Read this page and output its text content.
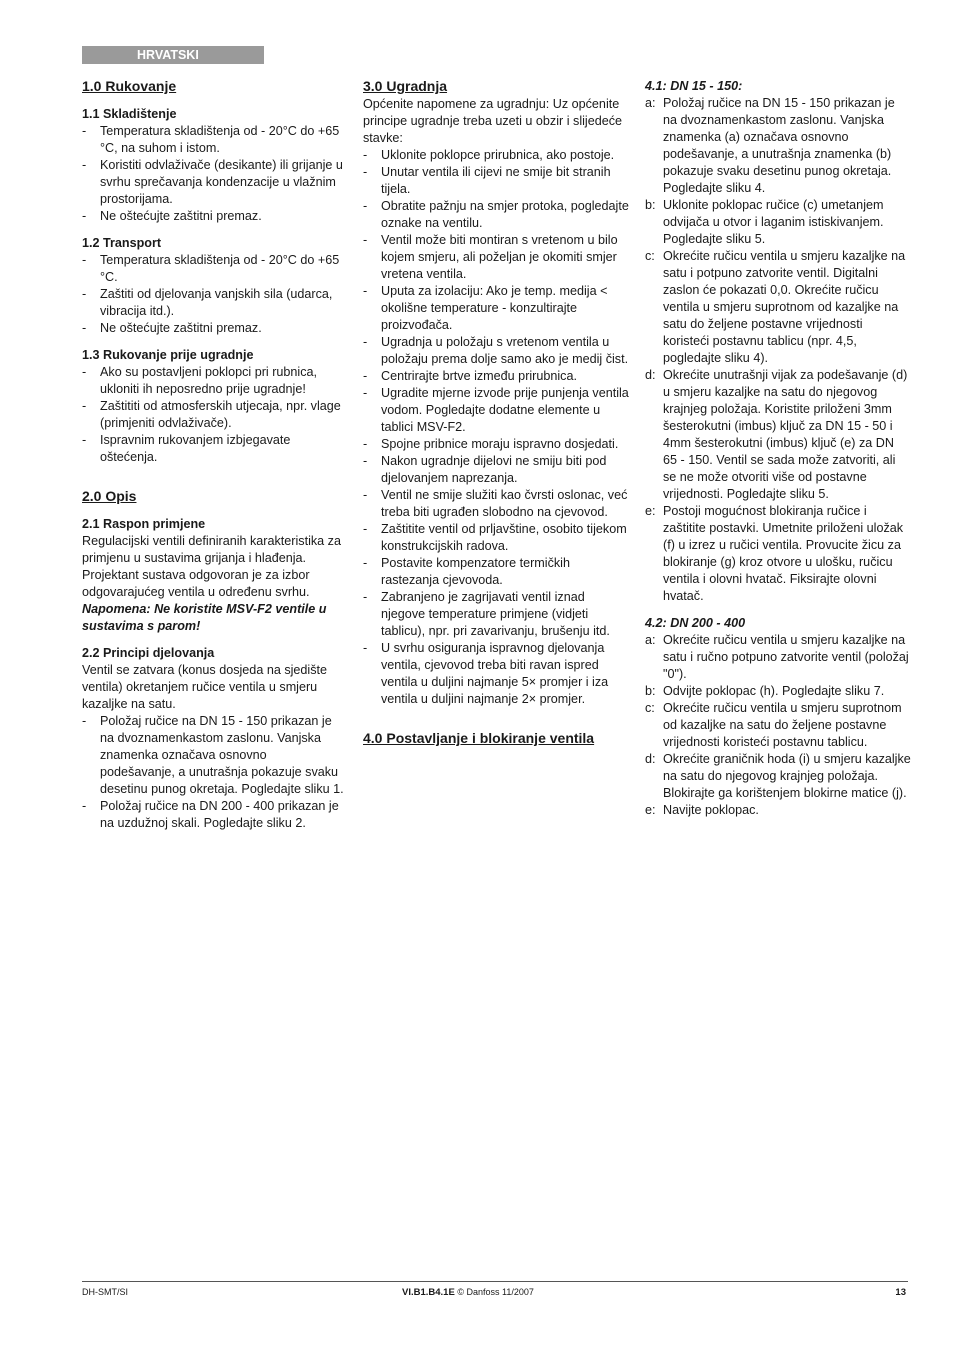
HRVATSKI
1.0 Rukovanje
1.1 Skladištenje
- Temperatura skladištenja od - 20°C do +65 °C, na suhom i istom.
- Koristiti odvlaživače (desikante) ili grijanje u svrhu sprečavanja kondenzacije u vlažnim prostorijama.
- Ne oštećujte zaštitni premaz.
1.2 Transport
- Temperatura skladištenja od - 20°C do +65 °C.
- Zaštiti od djelovanja vanjskih sila (udarca, vibracija itd.).
- Ne oštećujte zaštitni premaz.
1.3 Rukovanje prije ugradnje
- Ako su postavljeni poklopci pri rubnica, ukloniti ih neposredno prije ugradnje!
- Zaštititi od atmosferskih utjecaja, npr. vlage (primjeniti odvlaživače).
- Ispravnim rukovanjem izbjegavate oštećenja.
2.0 Opis
2.1 Raspon primjene

Regulacijski ventili definiranih karakteristika za primjenu u sustavima grijanja i hlađenja. Projektant sustava odgovoran je za izbor odgovarajućeg ventila u određenu svrhu.

Napomena: Ne koristite MSV-F2 ventile u sustavima s parom!

2.2 Principi djelovanja

Ventil se zatvara (konus dosjeda na sjedište ventila) okretanjem ručice ventila u smjeru kazaljke na satu.

- Položaj ručice na DN 15 - 150 prikazan je na dvoznamenkastom zaslonu. Vanjska znamenka označava osnovno podešavanje, a unutrašnja pokazuje svaku desetinu punog okretaja. Pogledajte sliku 1.
- Položaj ručice na DN 200 - 400 prikazan je na uzdužnoj skali. Pogledajte sliku 2.
3.0 Ugradnja

Općenite napomene za ugradnju: Uz općenite principe ugradnje treba uzeti u obzir i slijedeće stavke:

- Uklonite poklopce prirubnica, ako postoje.
- Unutar ventila ili cijevi ne smije bit stranih tijela.
- Obratite pažnju na smjer protoka, pogledajte oznake na ventilu.
- Ventil može biti montiran s vretenom u bilo kojem smjeru, ali poželjan je okomiti smjer vretena ventila.
- Uputa za izolaciju: Ako je temp. medija < okolišne temperature - konzultirajte proizvođača.
- Ugradnja u položaju s vretenom ventila u položaju prema dolje samo ako je medij čist.
- Centrirajte brtve između prirubnica.
- Ugradite mjerne izvode prije punjenja ventila vodom. Pogledajte dodatne elemente u tablici MSV-F2.
- Spojne pribnice moraju ispravno dosjedati.
- Nakon ugradnje dijelovi ne smiju biti pod djelovanjem naprezanja.
- Ventil ne smije služiti kao čvrsti oslonac, već treba biti ugrađen slobodno na cjevovod.
- Zaštitite ventil od prljavštine, osobito tijekom konstrukcijskih radova.
- Postavite kompenzatore termičkih rastezanja cjevovoda.
- Zabranjeno je zagrijavati ventil iznad njegove temperature primjene (vidjeti tablicu), npr. pri zavarivanju, brušenju itd.
- U svrhu osiguranja ispravnog djelovanja ventila, cjevovod treba biti ravan ispred ventila u duljini najmanje 5× promjer i iza ventila u duljini najmanje 2× promjer.
4.0 Postavljanje i blokiranje ventila
4.1: DN 15 - 150:
a: Položaj ručice na DN 15 - 150 prikazan je na dvoznamenkastom zaslonu. Vanjska znamenka (a) označava osnovno podešavanje, a unutrašnja znamenka (b) pokazuje svaku desetinu punog okretaja. Pogledajte sliku 4.
b: Uklonite poklopac ručice (c) umetanjem odvijača u otvor i laganim istiskivanjem. Pogledajte sliku 5.
c: Okrećite ručicu ventila u smjeru kazaljke na satu i potpuno zatvorite ventil. Digitalni zaslon će pokazati 0,0. Okrećite ručicu ventila u smjeru suprotnom od kazaljke na satu do željene postavne vrijednosti koristeći postavnu tablicu (npr. 4,5, pogledajte sliku 4).
d: Okrećite unutrašnji vijak za podešavanje (d) u smjeru kazaljke na satu do njegovog krajnjeg položaja. Koristite priloženi 3mm šesterokutni (imbus) ključ za DN 15 - 50 i 4mm šesterokutni (imbus) ključ (e) za DN 65 - 150. Ventil se sada može zatvoriti, ali se ne može otvoriti više od postavne vrijednosti. Pogledajte sliku 5.
e: Postoji mogućnost blokiranja ručice i zaštitite postavki. Umetnite priloženi uložak (f) u izrez u ručici ventila. Provucite žicu za blokiranje (g) kroz otvore u ulošku, ručicu ventila i olovni hvatač. Fiksirajte olovni hvatač.
4.2: DN 200 - 400
a: Okrećite ručicu ventila u smjeru kazaljke na satu i ručno potpuno zatvorite ventil (položaj "0").
b: Odvijte poklopac (h). Pogledajte sliku 7.
c: Okrećite ručicu ventila u smjeru suprotnom od kazaljke na satu do željene postavne vrijednosti koristeći postavnu tablicu.
d: Okrećite graničnik hoda (i) u smjeru kazaljke na satu do njegovog krajnjeg položaja. Blokirajte ga korištenjem blokirne matice (j).
e: Navijte poklopac.
DH-SMT/SI	VI.B1.B4.1E © Danfoss 11/2007	13
